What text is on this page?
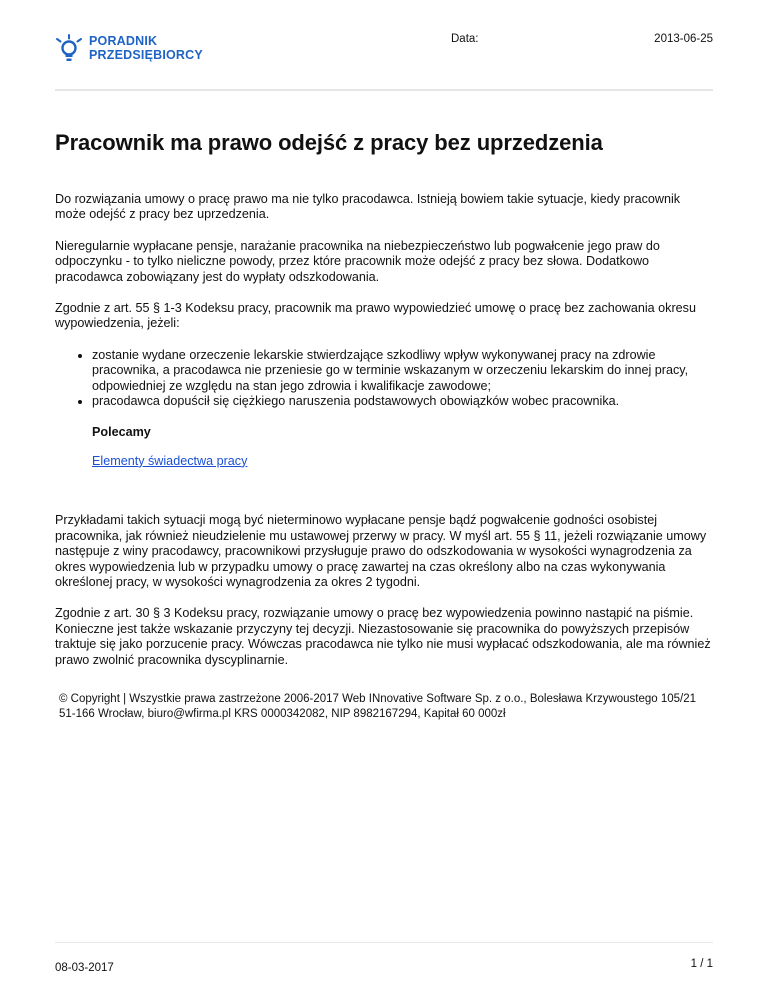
PORADNIK
PRZEDSIĘBIORCY
Data:	2013-06-25
Pracownik ma prawo odejść z pracy bez uprzedzenia

Do rozwiązania umowy o pracę prawo ma nie tylko pracodawca. Istnieją bowiem takie sytuacje, kiedy pracownik może odejść z pracy bez uprzedzenia.

Nieregularnie wypłacane pensje, narażanie pracownika na niebezpieczeństwo lub pogwałcenie jego praw do odpoczynku - to tylko nieliczne powody, przez które pracownik może odejść z pracy bez słowa. Dodatkowo pracodawca zobowiązany jest do wypłaty odszkodowania.

Zgodnie z art. 55 § 1-3 Kodeksu pracy, pracownik ma prawo wypowiedzieć umowę o pracę bez zachowania okresu wypowiedzenia, jeżeli:

• zostanie wydane orzeczenie lekarskie stwierdzające szkodliwy wpływ wykonywanej pracy na zdrowie pracownika, a pracodawca nie przeniesie go w terminie wskazanym w orzeczeniu lekarskim do innej pracy, odpowiedniej ze względu na stan jego zdrowia i kwalifikacje zawodowe;
• pracodawca dopuścił się ciężkiego naruszenia podstawowych obowiązków wobec pracownika.
Polecamy
Elementy świadectwa pracy

Przykładami takich sytuacji mogą być nieterminowo wypłacane pensje bądź pogwałcenie godności osobistej pracownika, jak również nieudzielenie mu ustawowej przerwy w pracy. W myśl art. 55 § 11, jeżeli rozwiązanie umowy następuje z winy pracodawcy, pracownikowi przysługuje prawo do odszkodowania w wysokości wynagrodzenia za okres wypowiedzenia lub w przypadku umowy o pracę zawartej na czas określony albo na czas wykonywania określonej pracy, w wysokości wynagrodzenia za okres 2 tygodni.

Zgodnie z art. 30 § 3 Kodeksu pracy, rozwiązanie umowy o pracę bez wypowiedzenia powinno nastąpić na piśmie. Konieczne jest także wskazanie przyczyny tej decyzji. Niezastosowanie się pracownika do powyższych przepisów traktuje się jako porzucenie pracy. Wówczas pracodawca nie tylko nie musi wypłacać odszkodowania, ale ma również prawo zwolnić pracownika dyscyplinarnie.

© Copyright | Wszystkie prawa zastrzeżone 2006-2017 Web INnovative Software Sp. z o.o., Bolesława Krzywoustego 105/21
51-166 Wrocław, biuro@wfirma.pl KRS 0000342082, NIP 8982167294, Kapitał 60 000zł
08-03-2017	1 / 1
